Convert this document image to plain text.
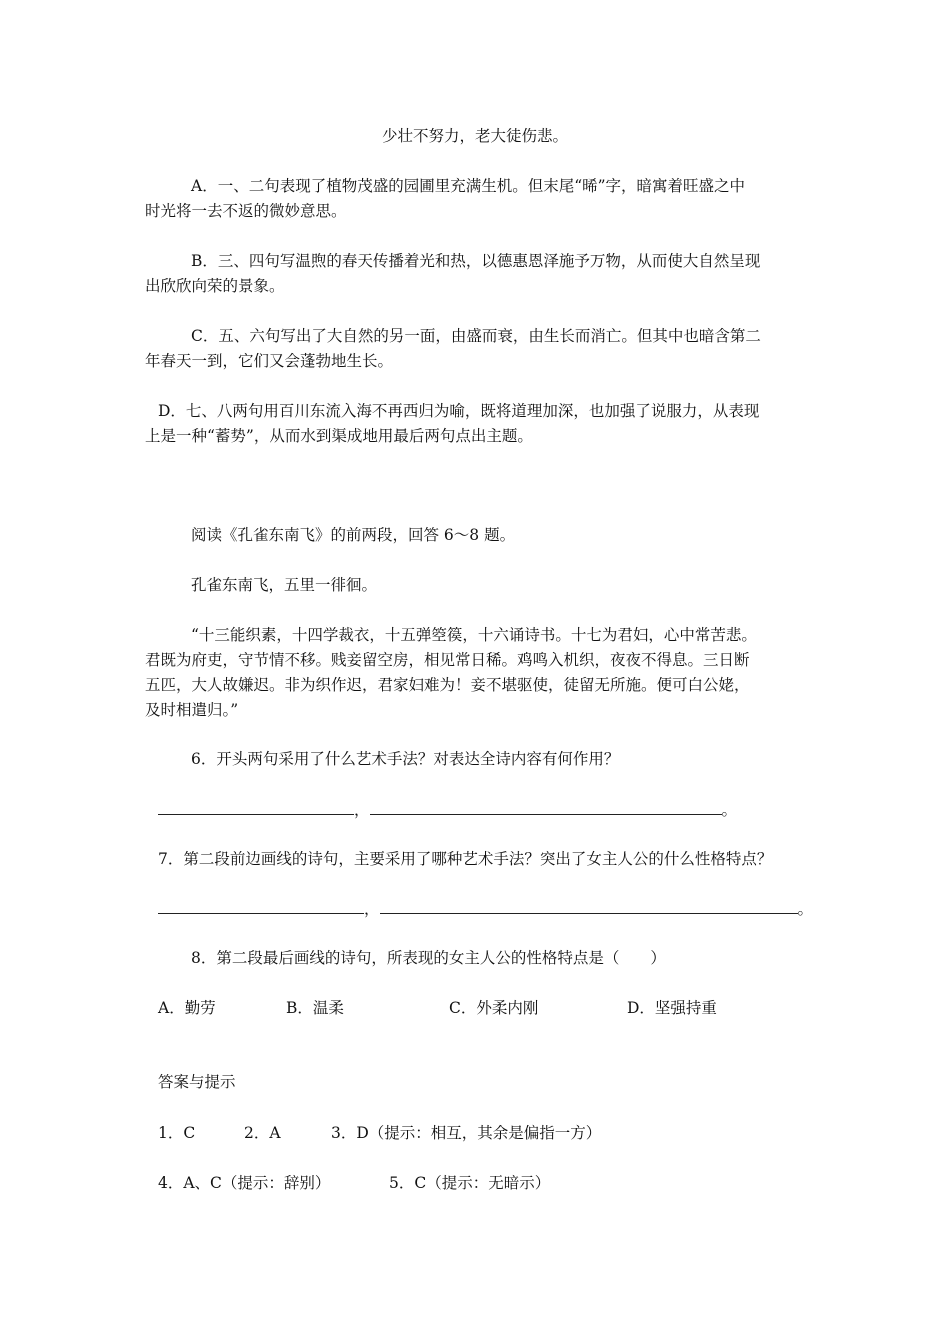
少壮不努力，老大徒伤悲。
A．一、二句表现了植物茂盛的园圃里充满生机。但末尾“晞”字，暗寓着旺盛之中
时光将一去不返的微妙意思。
B．三、四句写温煦的春天传播着光和热，以德惠恩泽施予万物，从而使大自然呈现
出欣欣向荣的景象。
C．五、六句写出了大自然的另一面，由盛而衰，由生长而消亡。但其中也暗含第二
年春天一到，它们又会蓬勃地生长。
D．七、八两句用百川东流入海不再西归为喻，既将道理加深，也加强了说服力，从表现
上是一种“蓄势”，从而水到渠成地用最后两句点出主题。
阅读《孔雀东南飞》的前两段，回答 6～8 题。
孔雀东南飞，五里一徘徊。
“十三能织素，十四学裁衣，十五弹箜篌，十六诵诗书。十七为君妇，心中常苦悲。
君既为府吏，守节情不移。贱妾留空房，相见常日稀。鸡鸣入机织，夜夜不得息。三日断
五匹，大人故嫌迟。非为织作迟，君家妇难为！妾不堪驱使，徒留无所施。便可白公姥，
及时相遣归。”
6．开头两句采用了什么艺术手法？对表达全诗内容有何作用？
，	。
7．第二段前边画线的诗句，主要采用了哪种艺术手法？突出了女主人公的什么性格特点？
，	。
8．第二段最后画线的诗句，所表现的女主人公的性格特点是（　　）
A．勤劳	B．温柔	C．外柔内刚	D．坚强持重
答案与提示
1．C	2．A	3．D（提示：相互，其余是偏指一方）
4．A、C（提示：辞别）	5．C（提示：无暗示）
